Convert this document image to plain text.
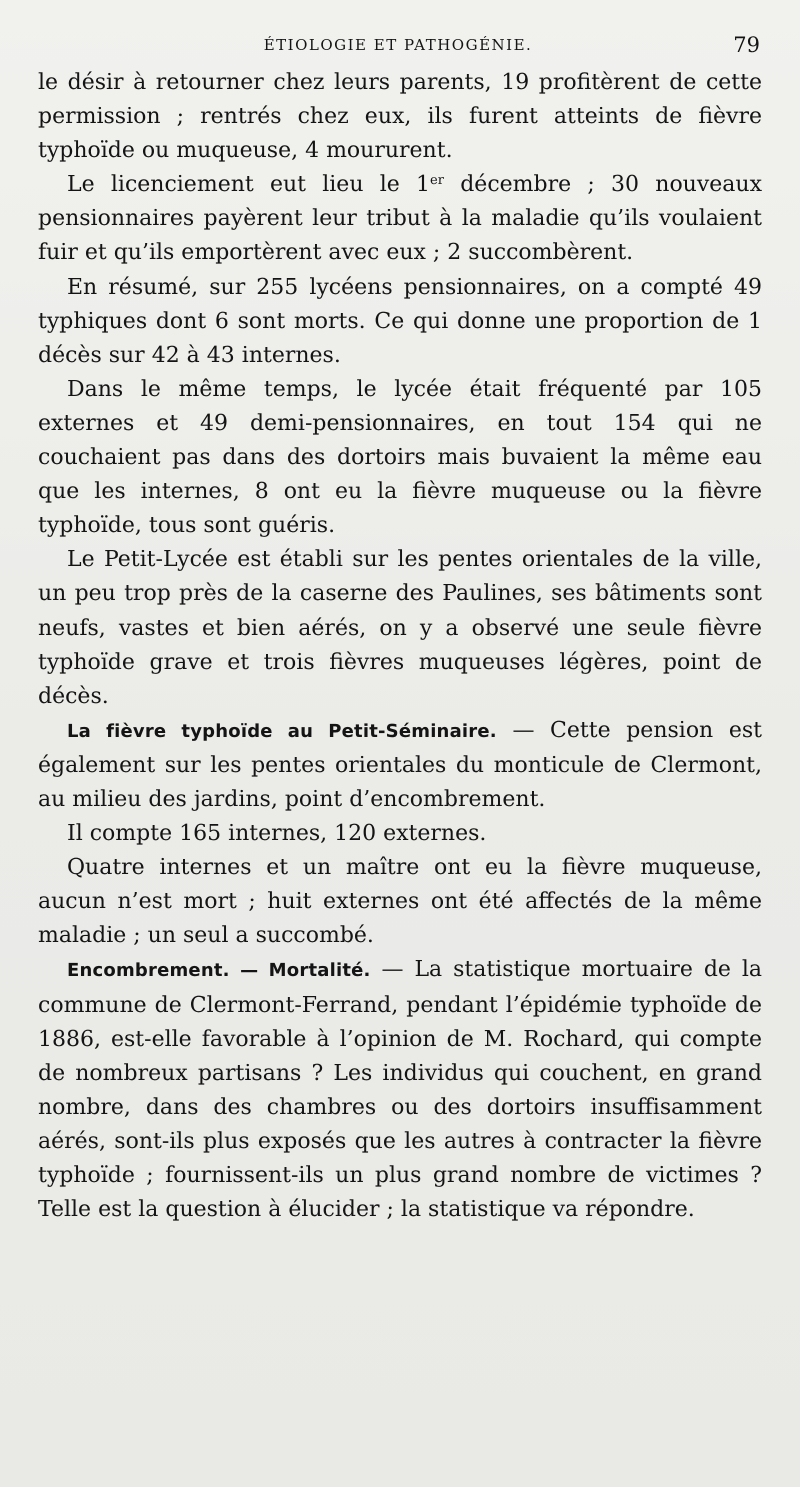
ÉTIOLOGIE ET PATHOGÉNIE.	79

le désir à retourner chez leurs parents, 19 profitèrent de cette permission ; rentrés chez eux, ils furent atteints de fièvre typhoïde ou muqueuse, 4 moururent.

Le licenciement eut lieu le 1er décembre ; 30 nouveaux pensionnaires payèrent leur tribut à la maladie qu’ils voulaient fuir et qu’ils emportèrent avec eux ; 2 succombèrent.

En résumé, sur 255 lycéens pensionnaires, on a compté 49 typhiques dont 6 sont morts. Ce qui donne une proportion de 1 décès sur 42 à 43 internes.

Dans le même temps, le lycée était fréquenté par 105 externes et 49 demi-pensionnaires, en tout 154 qui ne couchaient pas dans des dortoirs mais buvaient la même eau que les internes, 8 ont eu la fièvre muqueuse ou la fièvre typhoïde, tous sont guéris.

Le Petit-Lycée est établi sur les pentes orientales de la ville, un peu trop près de la caserne des Paulines, ses bâtiments sont neufs, vastes et bien aérés, on y a observé une seule fièvre typhoïde grave et trois fièvres muqueuses légères, point de décès.

La fièvre typhoïde au Petit-Séminaire. — Cette pension est également sur les pentes orientales du monticule de Clermont, au milieu des jardins, point d’encombrement.

Il compte 165 internes, 120 externes.

Quatre internes et un maître ont eu la fièvre muqueuse, aucun n’est mort ; huit externes ont été affectés de la même maladie ; un seul a succombé.

Encombrement. — Mortalité. — La statistique mortuaire de la commune de Clermont-Ferrand, pendant l’épidémie typhoïde de 1886, est-elle favorable à l’opinion de M. Rochard, qui compte de nombreux partisans ? Les individus qui couchent, en grand nombre, dans des chambres ou des dortoirs insuffisamment aérés, sont-ils plus exposés que les autres à contracter la fièvre typhoïde ; fournissent-ils un plus grand nombre de victimes ? Telle est la question à élucider ; la statistique va répondre.
